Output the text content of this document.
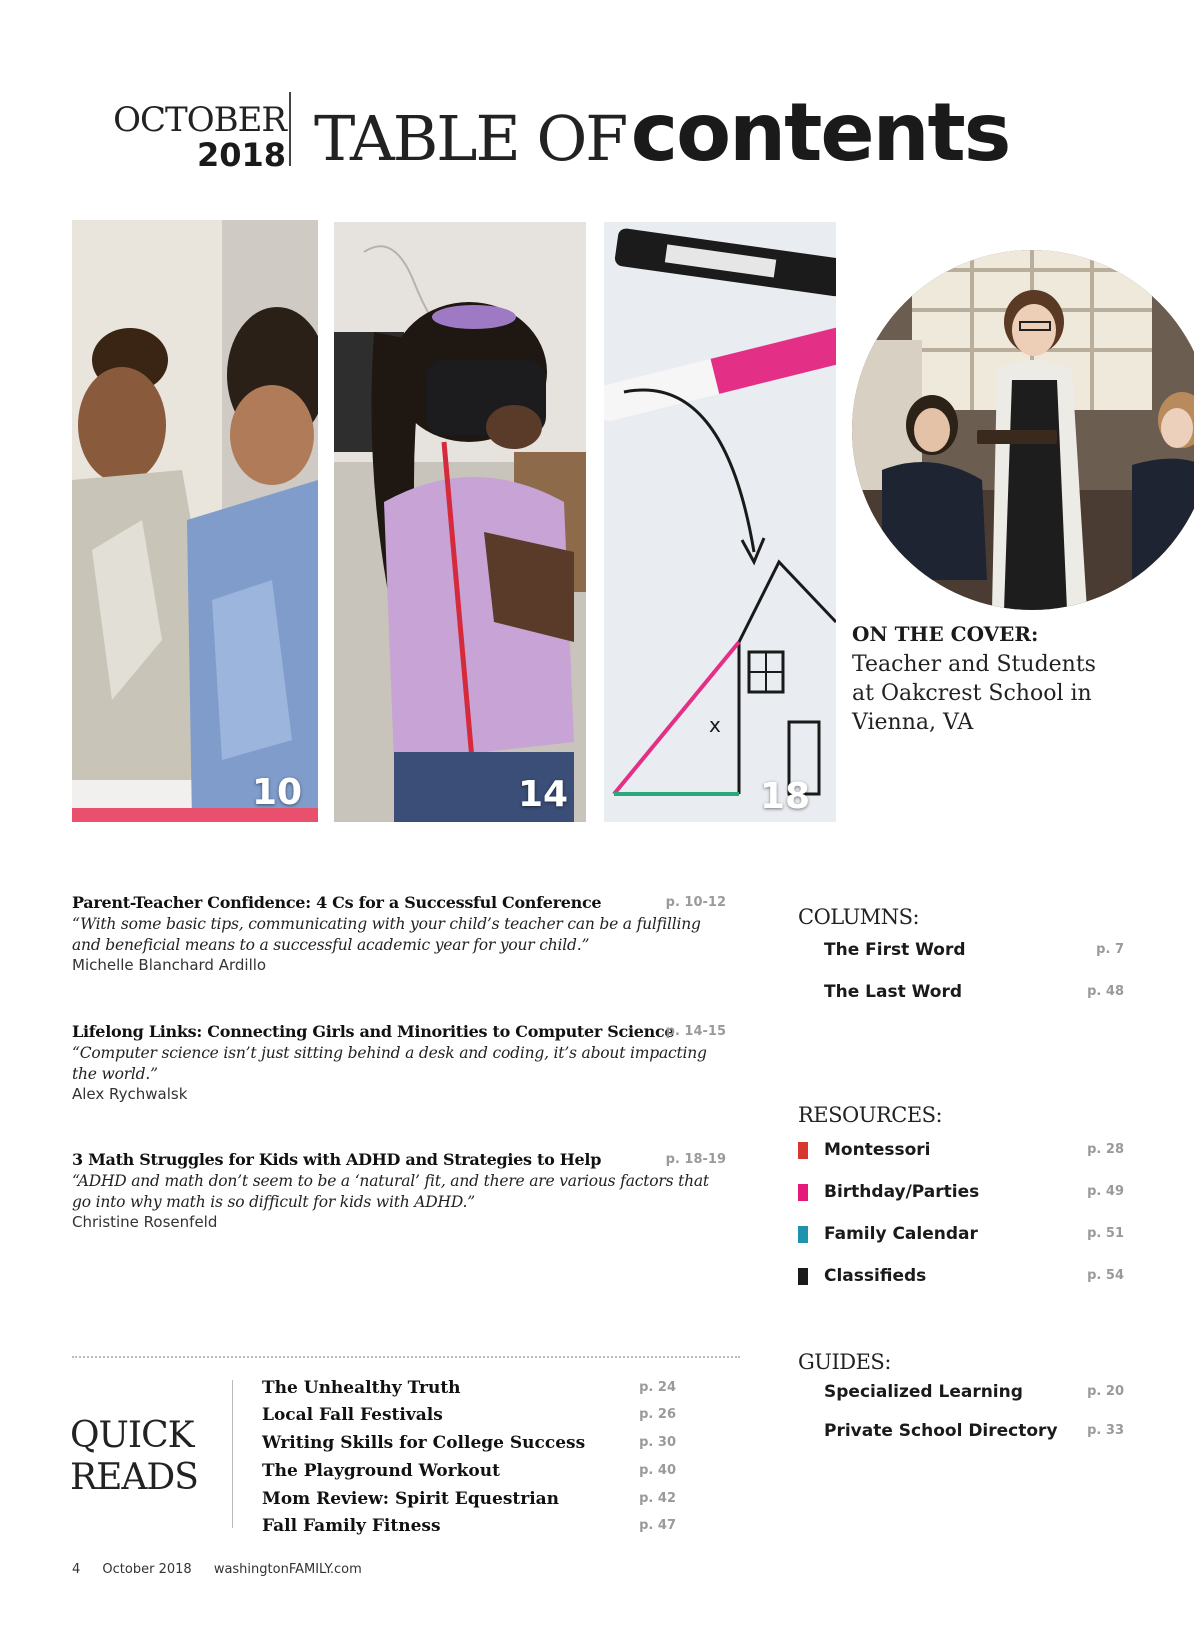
OCTOBER
2018 TABLE OF contents
10	14
x
18
ON THE COVER:
Teacher and Students at Oakcrest School in Vienna, VA
Parent-Teacher Confidence: 4 Cs for a Successful Conference	p. 10-12
“With some basic tips, communicating with your child’s teacher can be a fulfilling and beneficial means to a successful academic year for your child.”
Michelle Blanchard Ardillo
Lifelong Links: Connecting Girls and Minorities to Computer Science
p. 14-15
“Computer science isn’t just sitting behind a desk and coding, it’s about impacting the world.”
Alex Rychwalsk
3 Math Struggles for Kids with ADHD and Strategies to Help	p. 18-19
“ADHD and math don’t seem to be a ‘natural’ fit, and there are various factors that go into why math is so difficult for kids with ADHD.”
Christine Rosenfeld
COLUMNS:
The First Word	p. 7
The Last Word	p. 48
RESOURCES:
Montessori	p. 28
Birthday/Parties	p. 49
Family Calendar	p. 51
Classifieds	p. 54
GUIDES:
Specialized Learning	p. 20
Private School Directory p. 33
QUICK
READS
The Unhealthy Truth	p. 24
Local Fall Festivals	p. 26
Writing Skills for College Success	p. 30
The Playground Workout	p. 40
Mom Review: Spirit Equestrian	p. 42
Fall Family Fitness	p. 47
4 October 2018 washingtonFAMILY.com
